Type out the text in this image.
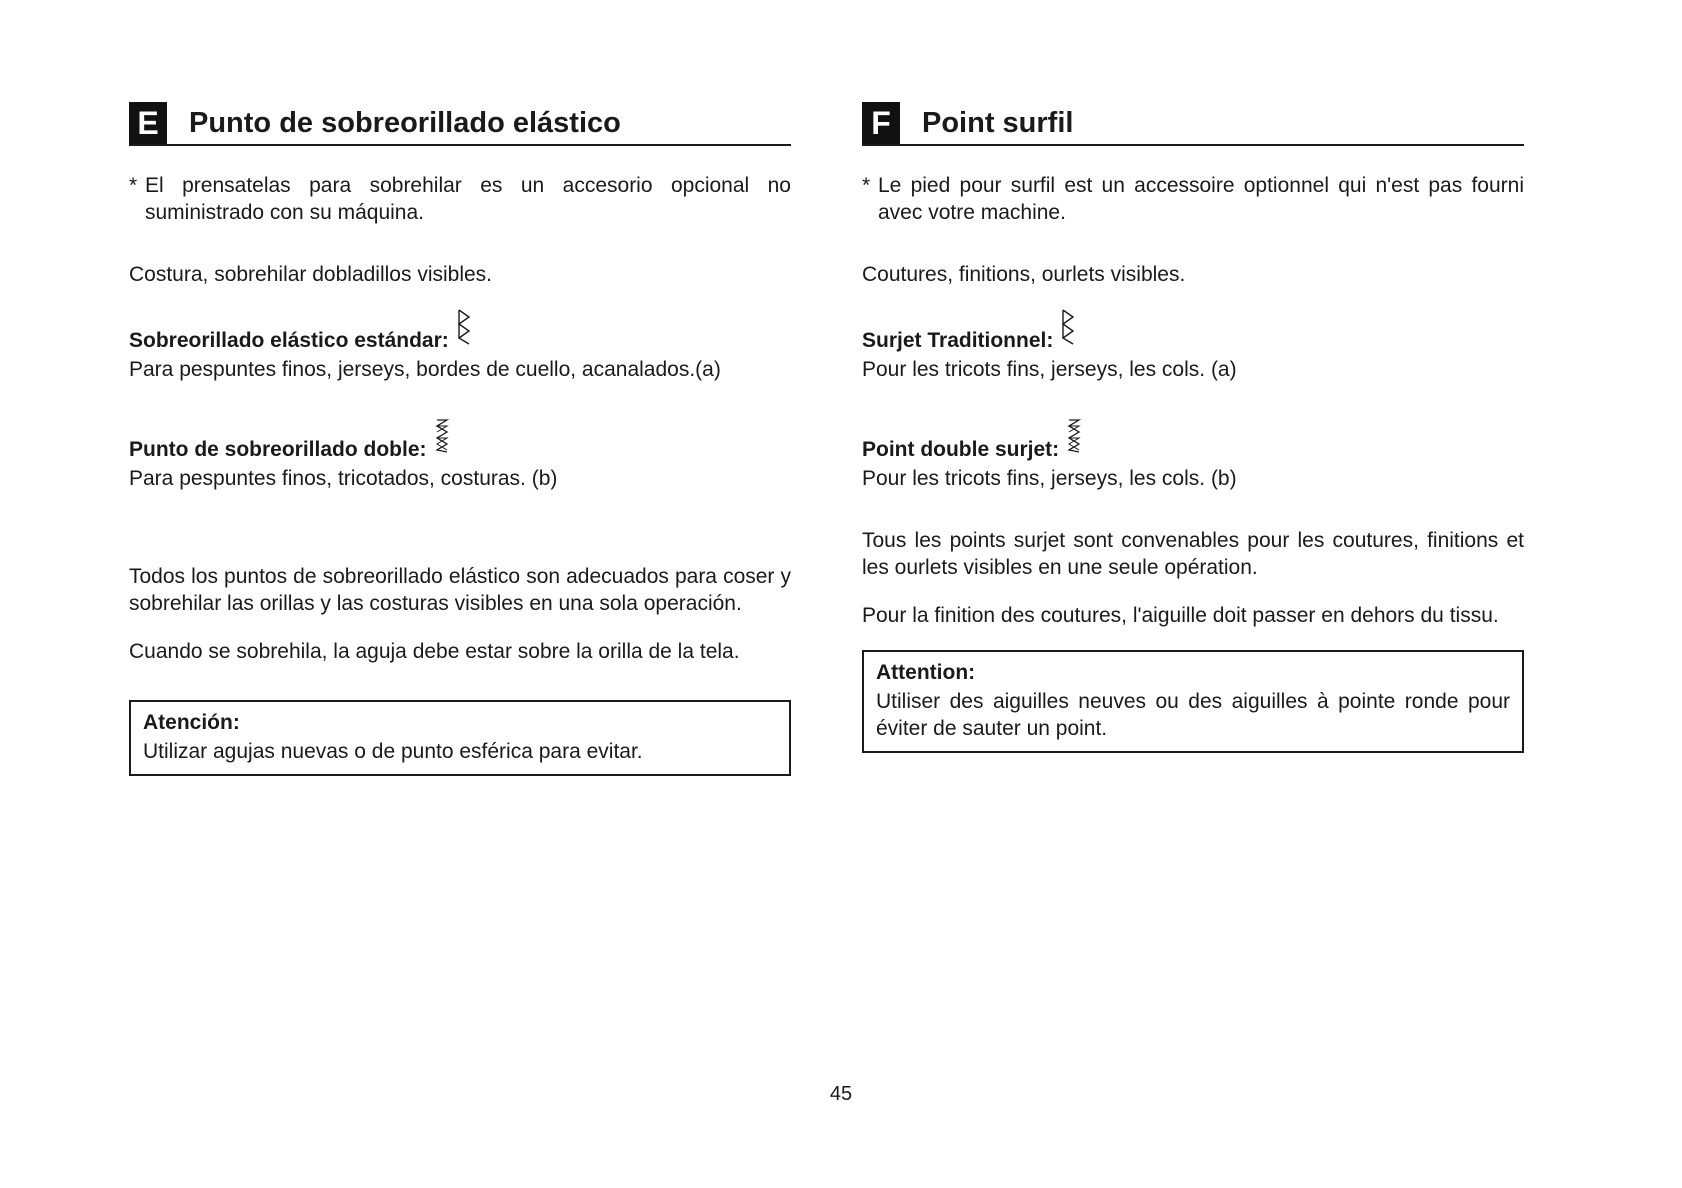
E Punto de sobreorillado elástico
* El prensatelas para sobrehilar es un accesorio opcional no suministrado con su máquina.

Costura, sobrehilar dobladillos visibles.

Sobreorillado elástico estándar:

Para pespuntes finos, jerseys, bordes de cuello, acanalados.(a)

Punto de sobreorillado doble:

Para pespuntes finos, tricotados, costuras. (b)

Todos los puntos de sobreorillado elástico son adecuados para coser y sobrehilar las orillas y las costuras visibles en una sola operación.

Cuando se sobrehila, la aguja debe estar sobre la orilla de la tela.

Atención:

Utilizar agujas nuevas o de punto esférica para evitar.

F	Point surfil
* Le pied pour surfil est un accessoire optionnel qui n'est pas fourni avec votre machine.

Coutures, finitions, ourlets visibles.

Surjet Traditionnel:

Pour les tricots fins, jerseys, les cols. (a)

Point double surjet:

Pour les tricots fins, jerseys, les cols. (b)

Tous les points surjet sont convenables pour les coutures, finitions et les ourlets visibles en une seule opération.

Pour la finition des coutures, l'aiguille doit passer en dehors du tissu.

Attention:

Utiliser des aiguilles neuves ou des aiguilles à pointe ronde pour éviter de sauter un point.

45
